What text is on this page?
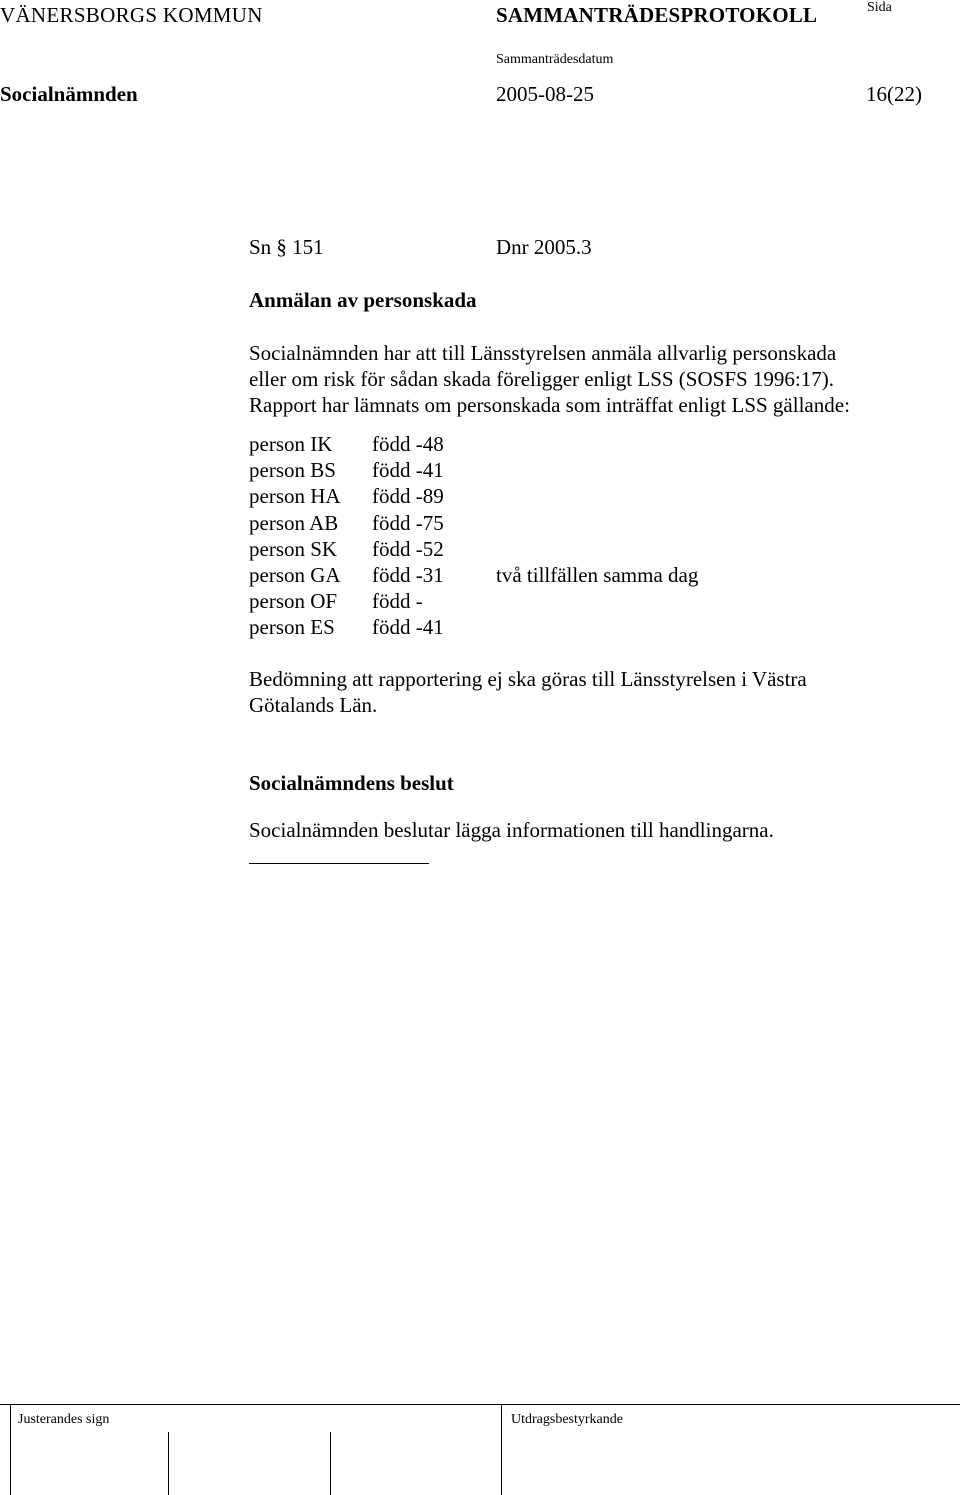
VÄNERSBORGS KOMMUN	SAMMANTRÄDESPROTOKOLL	Sida
Sammanträdesdatum
Socialnämnden	2005-08-25	16(22)
Sn § 151	Dnr 2005.3
Anmälan av personskada
Socialnämnden har att till Länsstyrelsen anmäla allvarlig personskada
eller om risk för sådan skada föreligger enligt LSS (SOSFS 1996:17).
Rapport har lämnats om personskada som inträffat enligt LSS gällande:
person IK född -48
person BS född -41
person HA född -89
person AB född -75
person SK född -52
person GA född -31 två tillfällen samma dag
person OF född -
person ES född -41
Bedömning att rapportering ej ska göras till Länsstyrelsen i Västra
Götalands Län.
Socialnämndens beslut
Socialnämnden beslutar lägga informationen till handlingarna.
Justerandes sign	Utdragsbestyrkande
